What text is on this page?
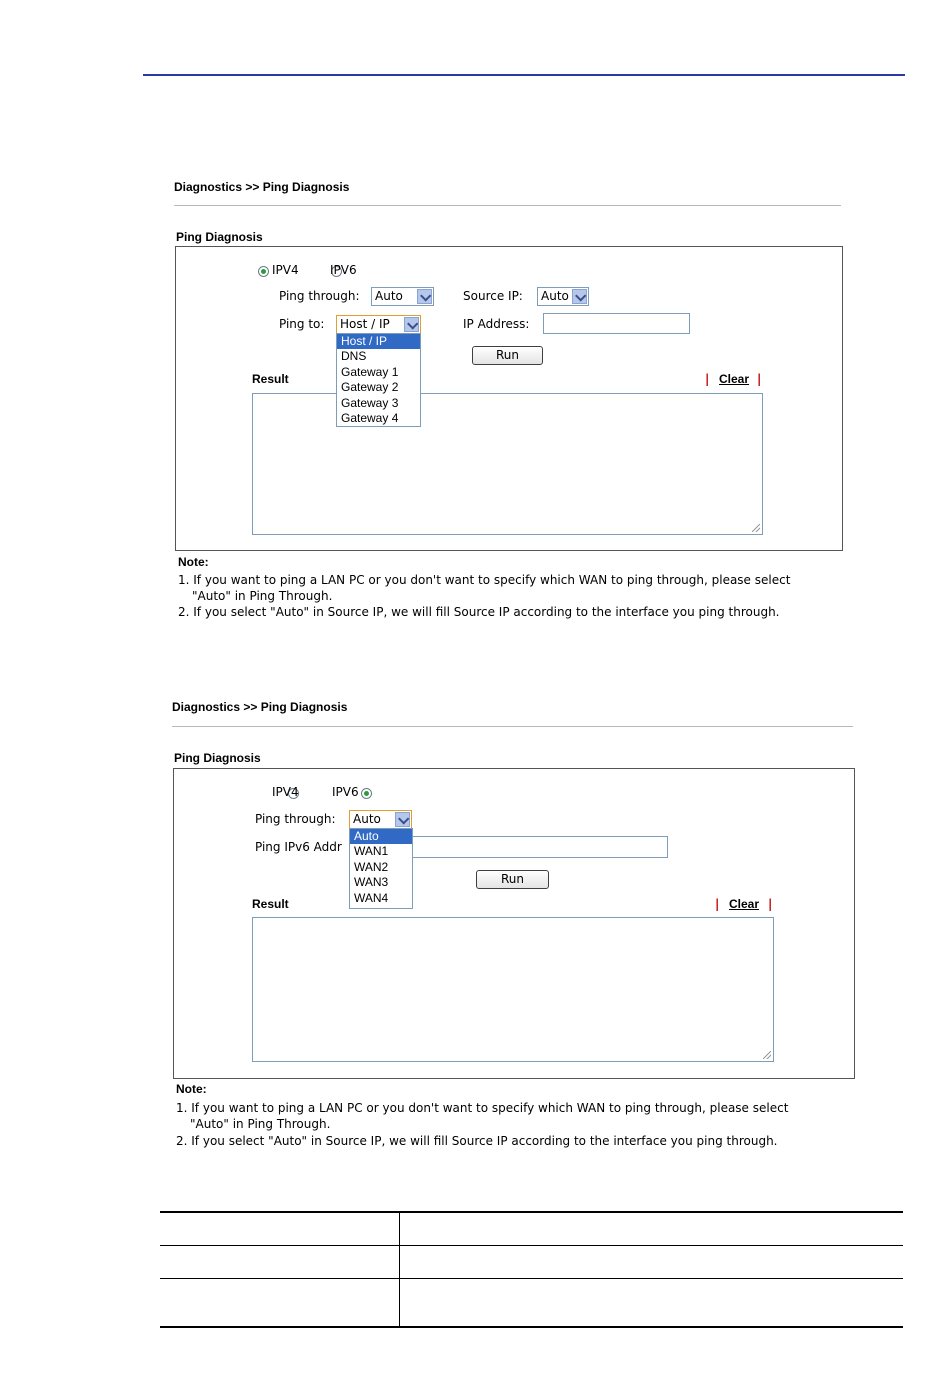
Diagnostics >> Ping Diagnosis
Ping Diagnosis

IPV4
	IPV6
Ping through:	Auto	Source IP:	Auto
Ping to:	Host / IP	IP Address:
Run
Result	| Clear |
Host / IP
DNS
Gateway 1
Gateway 2
Gateway 3
Gateway 4
Note:
1. If you want to ping a LAN PC or you don't want to specify which WAN to ping through, please select
"Auto" in Ping Through.
2. If you select "Auto" in Source IP, we will fill Source IP according to the interface you ping through.
Diagnostics >> Ping Diagnosis
Ping Diagnosis

IPV4	IPV6
Ping through:	Auto
Ping IPv6 Addr
Run
Result	| Clear |
Auto
WAN1
WAN2
WAN3
WAN4
Note:
1. If you want to ping a LAN PC or you don't want to specify which WAN to ping through, please select
"Auto" in Ping Through.
2. If you select "Auto" in Source IP, we will fill Source IP according to the interface you ping through.
